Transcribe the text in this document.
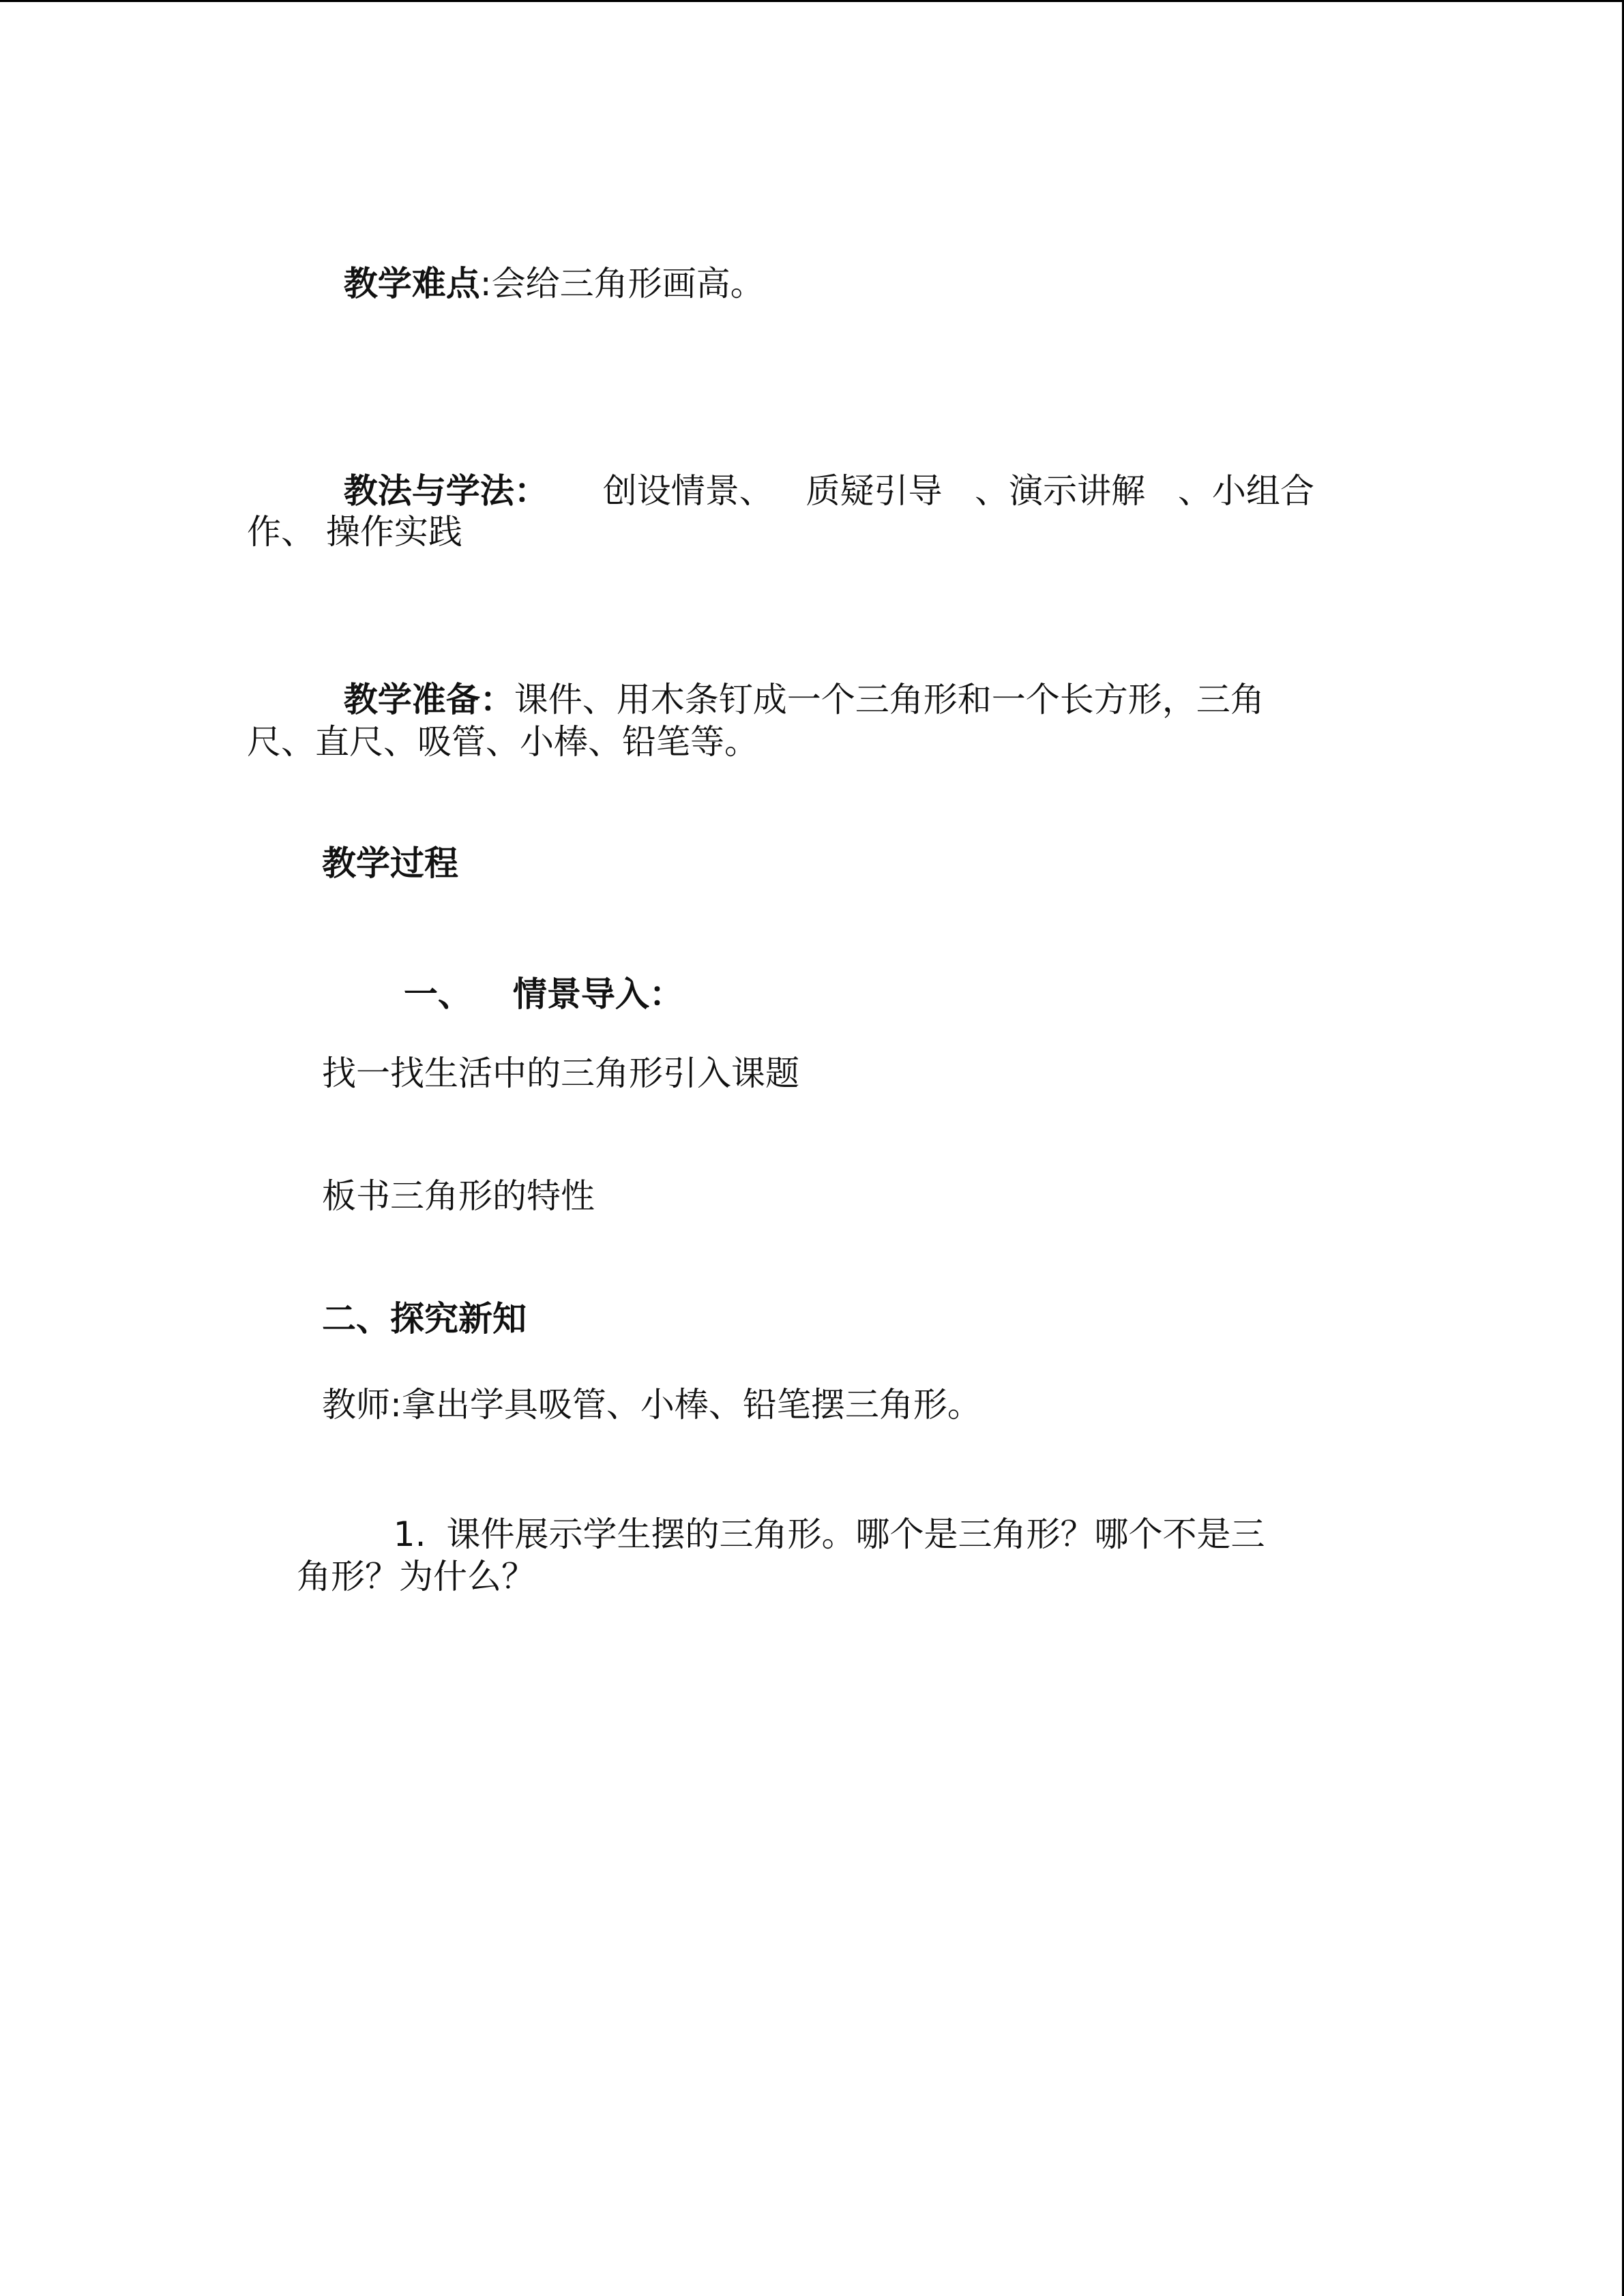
教学难点:会给三角形画高。

教法与学法： 创设情景、   质疑引导   、演示讲解   、小组合

作、 操作实践

教学准备：课件、用木条钉成一个三角形和一个长方形，三角

尺、直尺、吸管、小棒、铅笔等。
教学过程

一、 情景导入：

找一找生活中的三角形引入课题
板书三角形的特性
二、探究新知
教师:拿出学具吸管、小棒、铅笔摆三角形。

1. 课件展示学生摆的三角形。哪个是三角形？哪个不是三

角形？为什么？
